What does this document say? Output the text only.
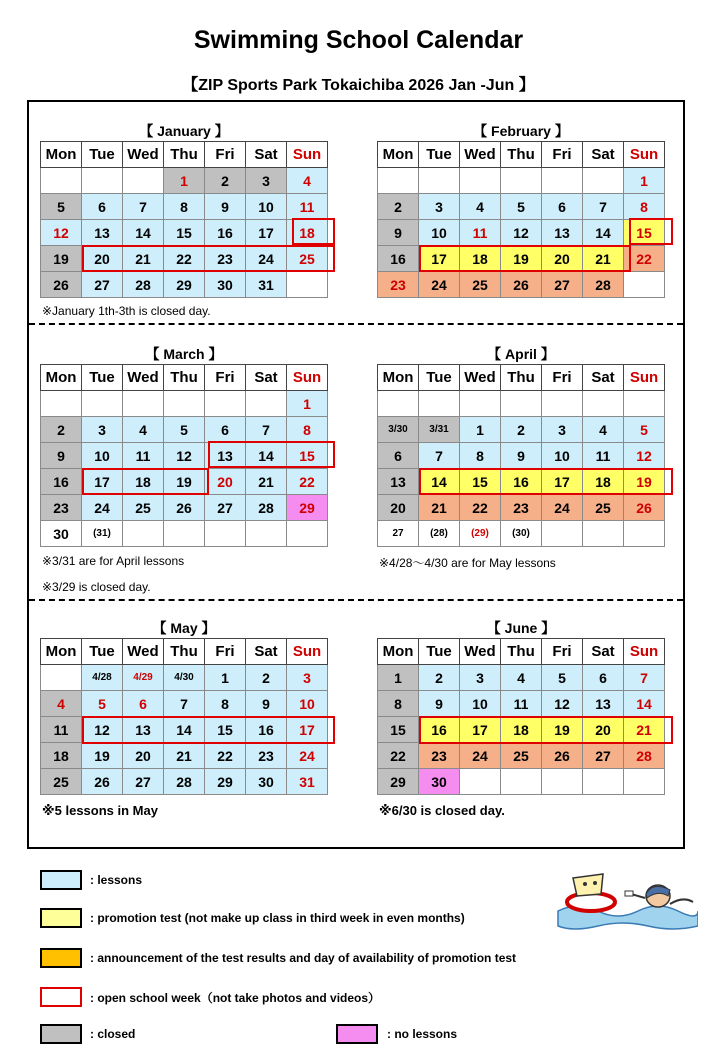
Swimming School Calendar
【ZIP Sports Park Tokaichiba 2026 Jan -Jun 】
【 January 】
Mon	Tue	Wed	Thu	Fri	Sat	Sun
			1	2	3	4
5	6	7	8	9	10	11
12	13	14	15	16	17	18
19	20	21	22	23	24	25
26	27	28	29	30	31	
【 February 】
Mon	Tue	Wed	Thu	Fri	Sat	Sun
						1
2	3	4	5	6	7	8
9	10	11	12	13	14	15
16	17	18	19	20	21	22
23	24	25	26	27	28	
【 March 】
Mon	Tue	Wed	Thu	Fri	Sat	Sun
						1
2	3	4	5	6	7	8
9	10	11	12	13	14	15
16	17	18	19	20	21	22
23	24	25	26	27	28	29
30	(31)					
【 April 】
Mon	Tue	Wed	Thu	Fri	Sat	Sun

3/30	3/31	1	2	3	4	5
6	7	8	9	10	11	12
13	14	15	16	17	18	19
20	21	22	23	24	25	26
27	(28)	(29)	(30)			
【 May 】
Mon	Tue	Wed	Thu	Fri	Sat	Sun
	4/28	4/29	4/30	1	2	3
4	5	6	7	8	9	10
11	12	13	14	15	16	17
18	19	20	21	22	23	24
25	26	27	28	29	30	31
【 June 】
Mon	Tue	Wed	Thu	Fri	Sat	Sun
1	2	3	4	5	6	7
8	9	10	11	12	13	14
15	16	17	18	19	20	21
22	23	24	25	26	27	28
29	30					
※January 1th-3th is closed day.
※3/31 are for April lessons
※3/29 is closed day.
※4/28～4/30 are for May lessons
※5 lessons in May	※6/30 is closed day.
: lessons
: promotion test (not make up class in third week in even months)
: announcement of the test results and day of availability of promotion test
: open school week（not take photos and videos）
: closed	: no lessons
